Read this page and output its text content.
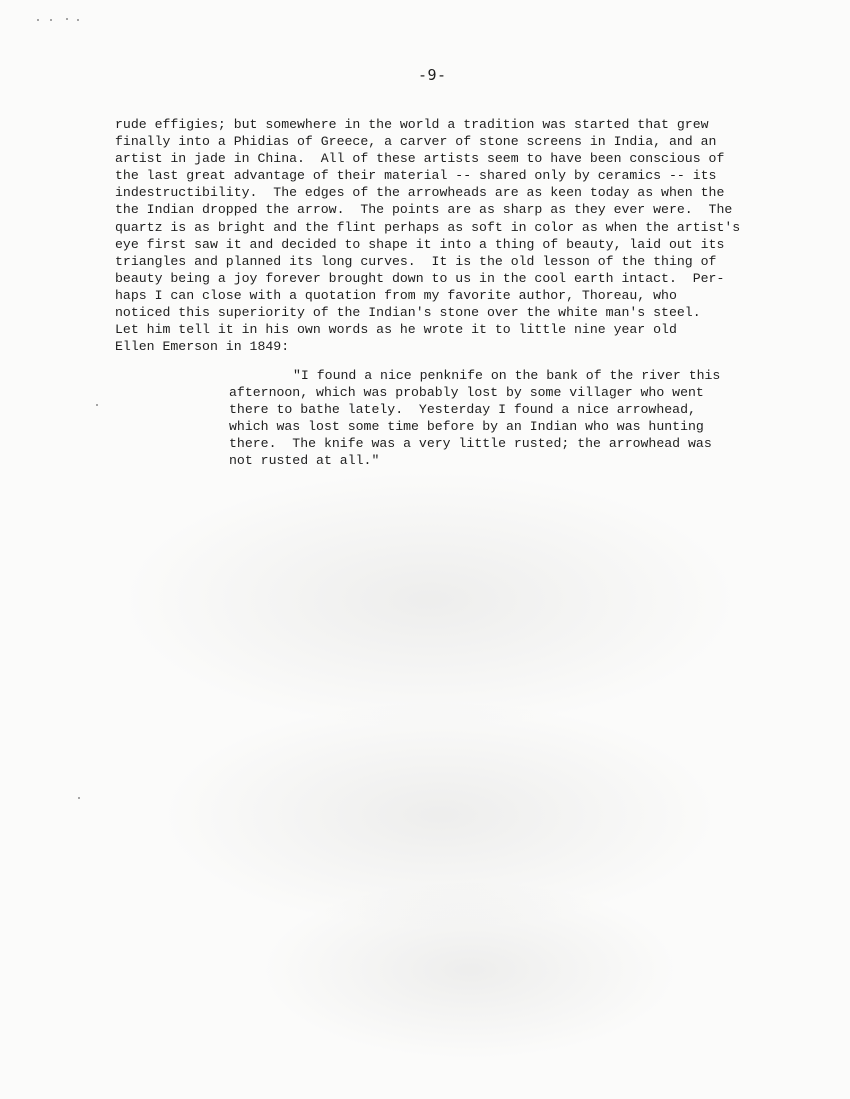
-9-

rude effigies; but somewhere in the world a tradition was started that grew
finally into a Phidias of Greece, a carver of stone screens in India, and an
artist in jade in China.  All of these artists seem to have been conscious of
the last great advantage of their material -- shared only by ceramics -- its
indestructibility.  The edges of the arrowheads are as keen today as when the
the Indian dropped the arrow.  The points are as sharp as they ever were.  The
quartz is as bright and the flint perhaps as soft in color as when the artist's
eye first saw it and decided to shape it into a thing of beauty, laid out its
triangles and planned its long curves.  It is the old lesson of the thing of
beauty being a joy forever brought down to us in the cool earth intact.  Per-
haps I can close with a quotation from my favorite author, Thoreau, who
noticed this superiority of the Indian's stone over the white man's steel.
Let him tell it in his own words as he wrote it to little nine year old
Ellen Emerson in 1849:

"I found a nice penknife on the bank of the river this
afternoon, which was probably lost by some villager who went
there to bathe lately.  Yesterday I found a nice arrowhead,
which was lost some time before by an Indian who was hunting
there.  The knife was a very little rusted; the arrowhead was
not rusted at all."
